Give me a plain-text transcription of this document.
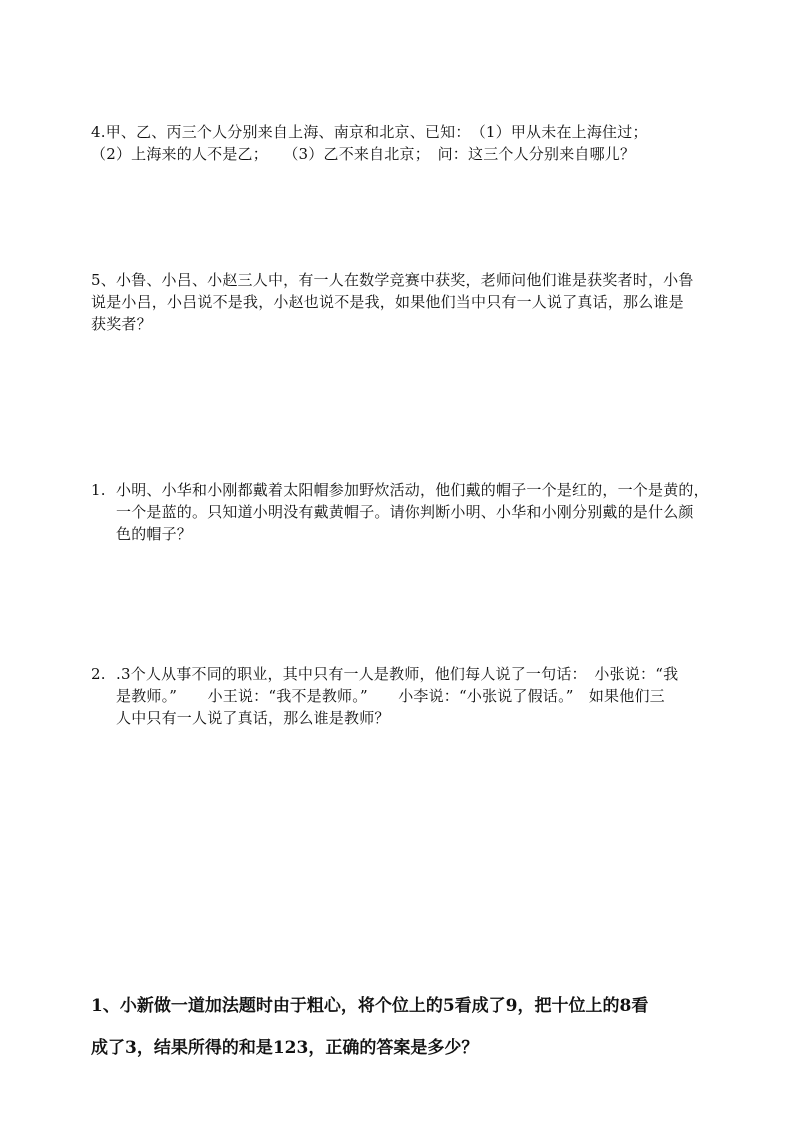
4.甲、乙、丙三个人分别来自上海、南京和北京、已知：　（1）甲从未在上海住过；

（2）上海来的人不是乙；　　（3）乙不来自北京；　问：这三个人分别来自哪儿？

5、小鲁、小吕、小赵三人中，有一人在数学竞赛中获奖，老师问他们谁是获奖者时，小鲁

说是小吕，小吕说不是我，小赵也说不是我，如果他们当中只有一人说了真话，那么谁是

获奖者？

1. 小明、小华和小刚都戴着太阳帽参加野炊活动，他们戴的帽子一个是红的，一个是黄的，

一个是蓝的。只知道小明没有戴黄帽子。请你判断小明、小华和小刚分别戴的是什么颜

色的帽子？

2. .3个人从事不同的职业，其中只有一人是教师，他们每人说了一句话：　小张说：“我

是教师。”　　小王说：“我不是教师。”　　小李说：“小张说了假话。”　如果他们三

人中只有一人说了真话，那么谁是教师？

1、小新做一道加法题时由于粗心，将个位上的5看成了9，把十位上的8看

成了3，结果所得的和是123，正确的答案是多少？
